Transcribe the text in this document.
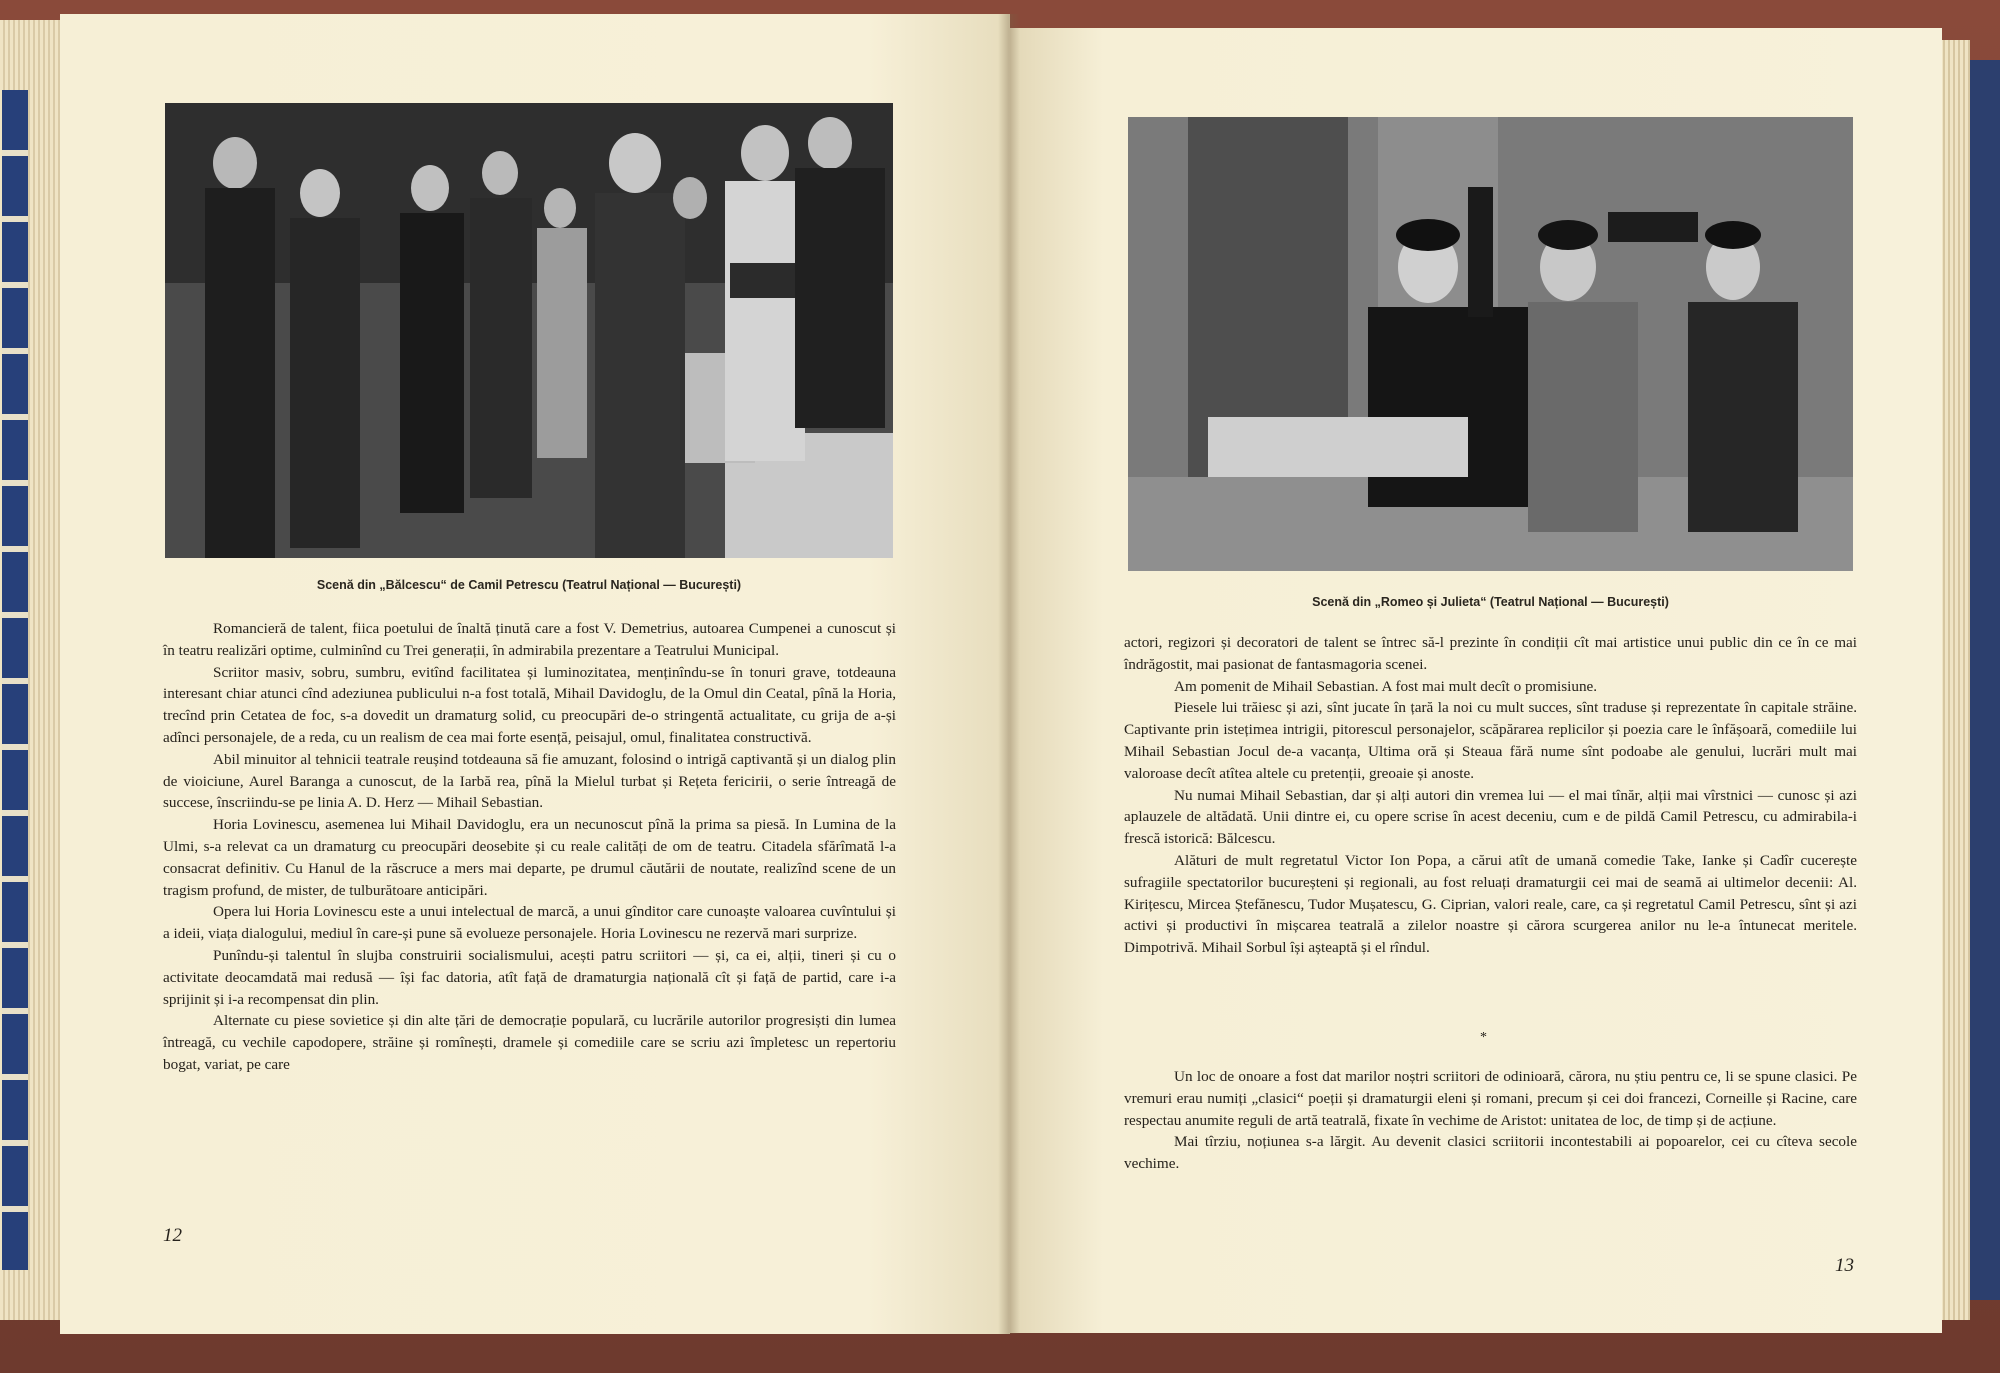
Scenă din „Bălcescu“ de Camil Petrescu (Teatrul Național — București)

Romancieră de talent, fiica poetului de înaltă ținută care a fost V. Demetrius, autoarea Cumpenei a cunoscut și în teatru realizări optime, culminînd cu Trei generații, în admirabila prezentare a Teatrului Municipal.

Scriitor masiv, sobru, sumbru, evitînd facilitatea și luminozitatea, menținîndu-se în tonuri grave, totdeauna interesant chiar atunci cînd adeziunea publicului n-a fost totală, Mihail Davidoglu, de la Omul din Ceatal, pînă la Horia, trecînd prin Cetatea de foc, s-a dovedit un dramaturg solid, cu preocupări de-o stringentă actualitate, cu grija de a-și adînci personajele, de a reda, cu un realism de cea mai forte esență, peisajul, omul, finalitatea constructivă.

Abil minuitor al tehnicii teatrale reușind totdeauna să fie amuzant, folosind o intrigă captivantă și un dialog plin de vioiciune, Aurel Baranga a cunoscut, de la Iarbă rea, pînă la Mielul turbat și Rețeta fericirii, o serie întreagă de succese, înscriindu-se pe linia A. D. Herz — Mihail Sebastian.

Horia Lovinescu, asemenea lui Mihail Davidoglu, era un necunoscut pînă la prima sa piesă. In Lumina de la Ulmi, s-a relevat ca un dramaturg cu preocupări deosebite și cu reale calități de om de teatru. Citadela sfărîmată l-a consacrat definitiv. Cu Hanul de la răscruce a mers mai departe, pe drumul căutării de noutate, realizînd scene de un tragism profund, de mister, de tulburătoare anticipări.

Opera lui Horia Lovinescu este a unui intelectual de marcă, a unui gînditor care cunoaște valoarea cuvîntului și a ideii, viața dialogului, mediul în care-și pune să evolueze personajele. Horia Lovinescu ne rezervă mari surprize.

Punîndu-și talentul în slujba construirii socialismului, acești patru scriitori — și, ca ei, alții, tineri și cu o activitate deocamdată mai redusă — își fac datoria, atît față de dramaturgia națională cît și față de partid, care i-a sprijinit și i-a recompensat din plin.

Alternate cu piese sovietice și din alte țări de democrație populară, cu lucrările autorilor progresiști din lumea întreagă, cu vechile capodopere, străine și romînești, dramele și comediile care se scriu azi împletesc un repertoriu bogat, variat, pe care

12
Scenă din „Romeo și Julieta“ (Teatrul Național — București)

actori, regizori și decoratori de talent se întrec să-l prezinte în condiții cît mai artistice unui public din ce în ce mai îndrăgostit, mai pasionat de fantasmagoria scenei.

Am pomenit de Mihail Sebastian. A fost mai mult decît o promisiune.

Piesele lui trăiesc și azi, sînt jucate în țară la noi cu mult succes, sînt traduse și reprezentate în capitale străine. Captivante prin istețimea intrigii, pitorescul personajelor, scăpărarea replicilor și poezia care le înfășoară, comediile lui Mihail Sebastian Jocul de-a vacanța, Ultima oră și Steaua fără nume sînt podoabe ale genului, lucrări mult mai valoroase decît atîtea altele cu pretenții, greoaie și anoste.

Nu numai Mihail Sebastian, dar și alți autori din vremea lui — el mai tînăr, alții mai vîrstnici — cunosc și azi aplauzele de altădată. Unii dintre ei, cu opere scrise în acest deceniu, cum e de pildă Camil Petrescu, cu admirabila-i frescă istorică: Bălcescu.

Alături de mult regretatul Victor Ion Popa, a cărui atît de umană comedie Take, Ianke și Cadîr cucerește sufragiile spectatorilor bucureșteni și regionali, au fost reluați dramaturgii cei mai de seamă ai ultimelor decenii: Al. Kirițescu, Mircea Ștefănescu, Tudor Mușatescu, G. Ciprian, valori reale, care, ca și regretatul Camil Petrescu, sînt și azi activi și productivi în mișcarea teatrală a zilelor noastre și cărora scurgerea anilor nu le-a întunecat meritele. Dimpotrivă. Mihail Sorbul își așteaptă și el rîndul.

*

Un loc de onoare a fost dat marilor noștri scriitori de odinioară, cărora, nu știu pentru ce, li se spune clasici. Pe vremuri erau numiți „clasici“ poeții și dramaturgii eleni și romani, precum și cei doi francezi, Corneille și Racine, care respectau anumite reguli de artă teatrală, fixate în vechime de Aristot: unitatea de loc, de timp și de acțiune.

Mai tîrziu, noțiunea s-a lărgit. Au devenit clasici scriitorii incontestabili ai popoarelor, cei cu cîteva secole vechime.

13
